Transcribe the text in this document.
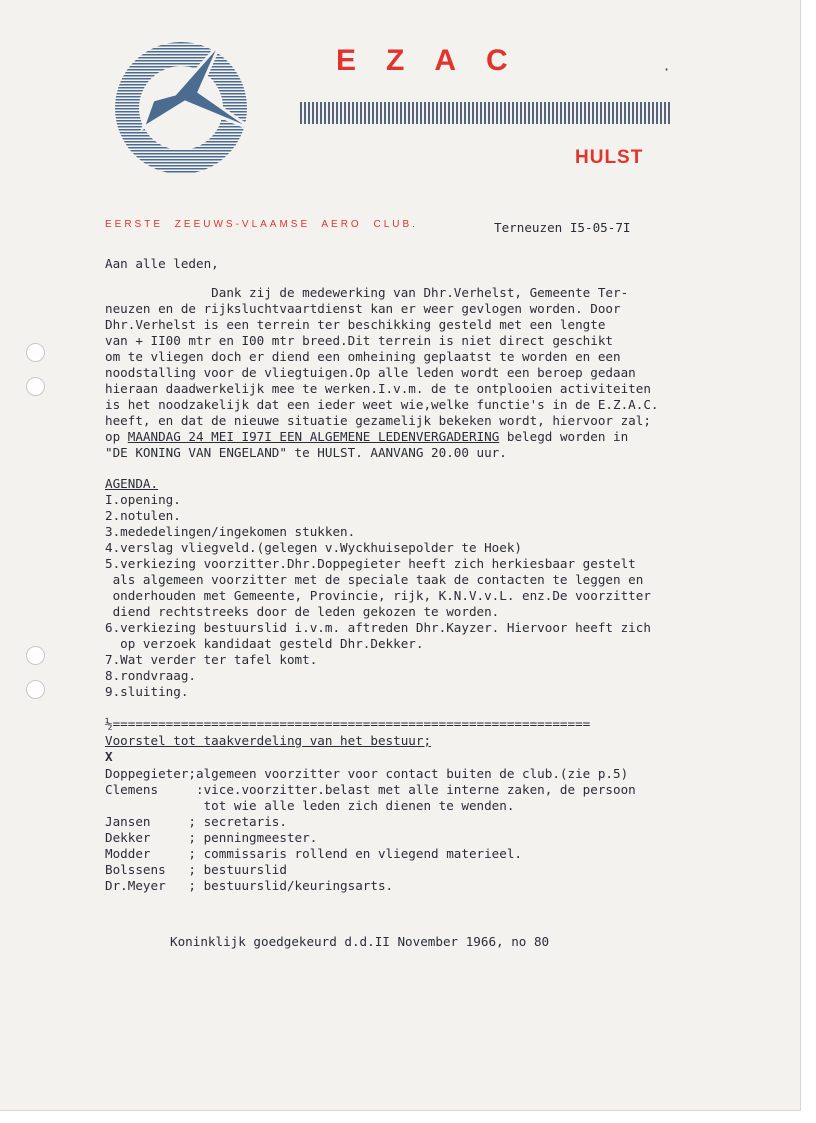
EZAC	·
HULST
EERSTE ZEEUWS-VLAAMSE AERO CLUB.	Terneuzen I5-05-7I
Aan alle leden,
Dank zij de medewerking van Dhr.Verhelst, Gemeente Ter-
neuzen en de rijksluchtvaartdienst kan er weer gevlogen worden. Door
Dhr.Verhelst is een terrein ter beschikking gesteld met een lengte
van + II00 mtr en I00 mtr breed.Dit terrein is niet direct geschikt
om te vliegen doch er diend een omheining geplaatst te worden en een
noodstalling voor de vliegtuigen.Op alle leden wordt een beroep gedaan
hieraan daadwerkelijk mee te werken.I.v.m. de te ontplooien activiteiten
is het noodzakelijk dat een ieder weet wie,welke functie's in de E.Z.A.C.
heeft, en dat de nieuwe situatie gezamelijk bekeken wordt, hiervoor zal;
op MAANDAG 24 MEI I97I EEN ALGEMENE LEDENVERGADERING belegd worden in
"DE KONING VAN ENGELAND" te HULST. AANVANG 20.00 uur.
AGENDA.
I.opening.
2.notulen.
3.mededelingen/ingekomen stukken.
4.verslag vliegveld.(gelegen v.Wyckhuisepolder te Hoek)
5.verkiezing voorzitter.Dhr.Doppegieter heeft zich herkiesbaar gestelt
als algemeen voorzitter met de speciale taak de contacten te leggen en
onderhouden met Gemeente, Provincie, rijk, K.N.V.v.L. enz.De voorzitter
diend rechtstreeks door de leden gekozen te worden.
6.verkiezing bestuurslid i.v.m. aftreden Dhr.Kayzer. Hiervoor heeft zich
op verzoek kandidaat gesteld Dhr.Dekker.
7.Wat verder ter tafel komt.
8.rondvraag.
9.sluiting.
½===============================================================
Voorstel tot taakverdeling van het bestuur;
X
Doppegieter;algemeen voorzitter voor contact buiten de club.(zie p.5)
Clemens     :vice.voorzitter.belast met alle interne zaken, de persoon
tot wie alle leden zich dienen te wenden.
Jansen     ; secretaris.
Dekker     ; penningmeester.
Modder     ; commissaris rollend en vliegend materieel.
Bolssens   ; bestuurslid
Dr.Meyer   ; bestuurslid/keuringsarts.
Koninklijk goedgekeurd d.d.II November 1966, no 80
